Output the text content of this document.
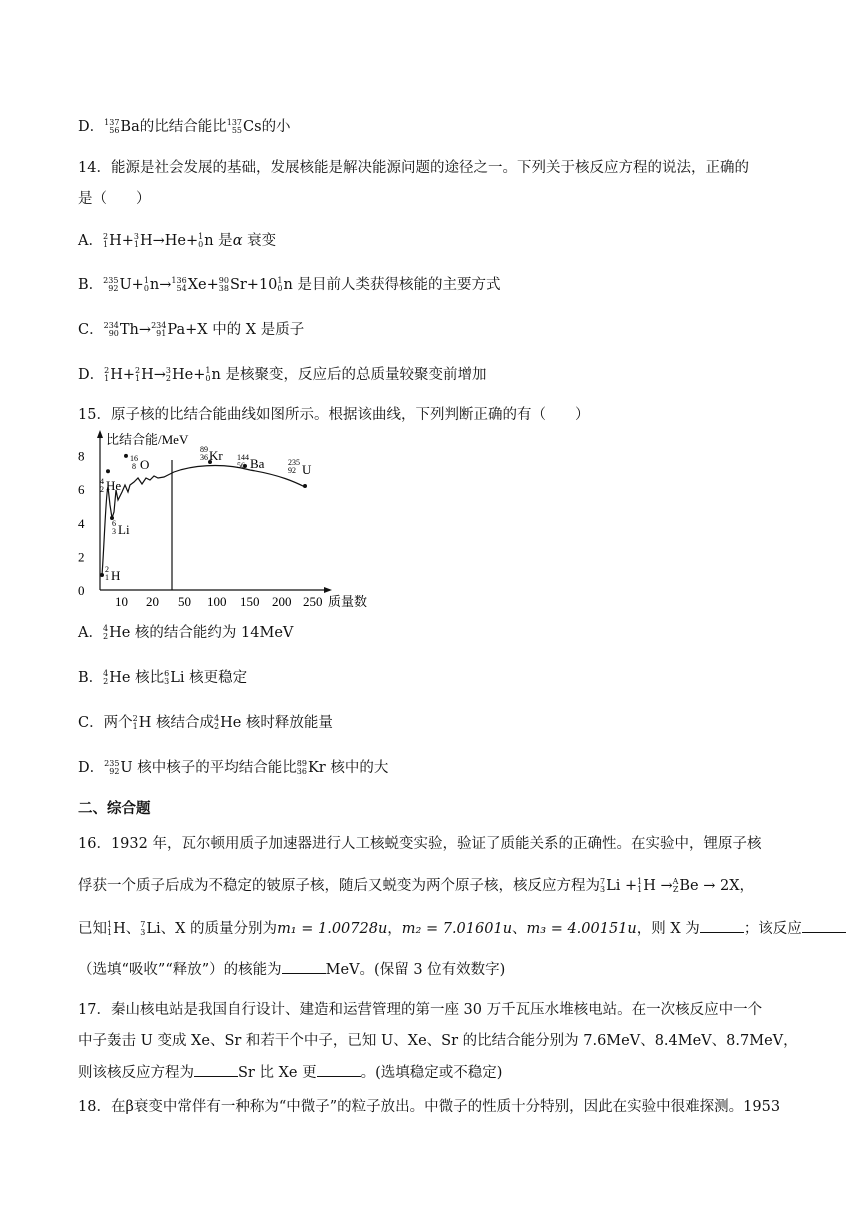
D． 137
56 Ba的比结合能比 137
55 Cs的小
14．能源是社会发展的基础，发展核能是解决能源问题的途径之一。下列关于核反应方程的说法，正确的
是（　　）
A． 2
1 H+ 3
1 H→He+ 1
0 n 是α 衰变
B． 235
92 U+ 1
0 n→ 136
54 Xe+ 90
38 Sr+10 1
0 n 是目前人类获得核能的主要方式
C． 234
90 Th→ 234
91 Pa+X 中的 X 是质子
D． 2
1 H+ 2
1 H→ 3
2 He+ 1
0 n 是核聚变，反应后的总质量较聚变前增加
15．原子核的比结合能曲线如图所示。根据该曲线，下列判断正确的有（　　）
比结合能/MeV
质量数
0
2
4
6
8
10 20 50 100 150 200 250
4
2 He
6
3 Li
2
1 H
16
8 O
89
36 Kr 144
56 Ba	235
92 U
A． 4
2 He 核的结合能约为 14MeV
B． 4
2 He 核比 6
3 Li 核更稳定
C．两个 2
1 H 核结合成 4
2 He 核时释放能量
D． 235
92 U 核中核子的平均结合能比 89
36 Kr 核中的大
二、综合题
16．1932 年，瓦尔顿用质子加速器进行人工核蜕变实验，验证了质能关系的正确性。在实验中，锂原子核
俘获一个质子后成为不稳定的铍原子核，随后又蜕变为两个原子核，核反应方程为 7
3 Li + 1
1 H → A
Z Be → 2X，
已知 1
1 H、 7
3 Li、X 的质量分别为m₁ = 1.00728u，m₂ = 7.01601u、m₃ = 4.00151u，则 X 为	；该反应
（选填“吸收”“释放”）的核能为	MeV。(保留 3 位有效数字)
17．秦山核电站是我国自行设计、建造和运营管理的第一座 30 万千瓦压水堆核电站。在一次核反应中一个
中子轰击 U 变成 Xe、Sr 和若干个中子，已知 U、Xe、Sr 的比结合能分别为 7.6MeV、8.4MeV、8.7MeV，
则该核反应方程为	Sr 比 Xe 更	。(选填稳定或不稳定)
18．在β衰变中常伴有一种称为“中微子”的粒子放出。中微子的性质十分特别，因此在实验中很难探测。1953
